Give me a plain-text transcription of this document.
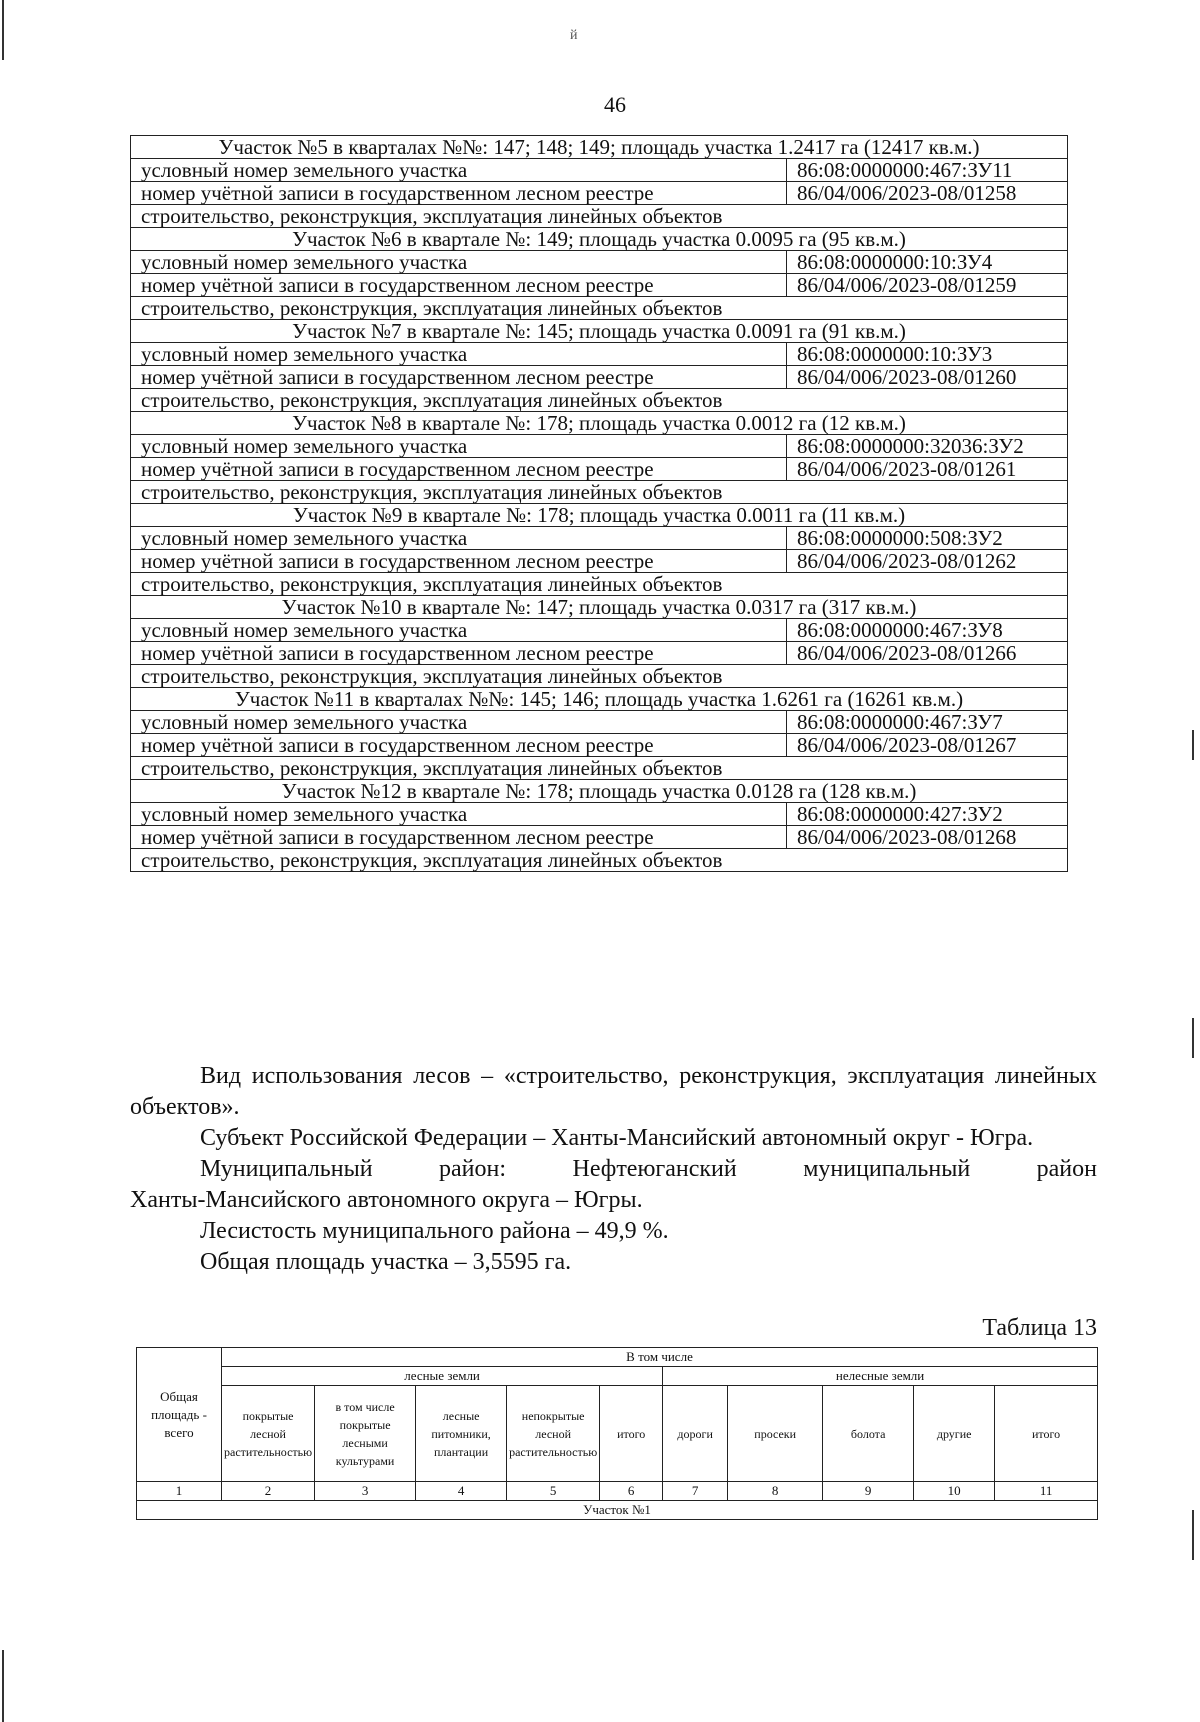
46
й
Участок №5 в кварталах №№: 147; 148; 149; площадь участка 1.2417 га (12417 кв.м.)	
условный номер земельного участка	86:08:0000000:467:ЗУ11
номер учётной записи в государственном лесном реестре	86/04/006/2023-08/01258
строительство, реконструкция, эксплуатация линейных объектов	
Участок №6 в квартале №: 149; площадь участка 0.0095 га (95 кв.м.)	
условный номер земельного участка	86:08:0000000:10:ЗУ4
номер учётной записи в государственном лесном реестре	86/04/006/2023-08/01259
строительство, реконструкция, эксплуатация линейных объектов	
Участок №7 в квартале №: 145; площадь участка 0.0091 га (91 кв.м.)	
условный номер земельного участка	86:08:0000000:10:ЗУ3
номер учётной записи в государственном лесном реестре	86/04/006/2023-08/01260
строительство, реконструкция, эксплуатация линейных объектов	
Участок №8 в квартале №: 178; площадь участка 0.0012 га (12 кв.м.)	
условный номер земельного участка	86:08:0000000:32036:ЗУ2
номер учётной записи в государственном лесном реестре	86/04/006/2023-08/01261
строительство, реконструкция, эксплуатация линейных объектов	
Участок №9 в квартале №: 178; площадь участка 0.0011 га (11 кв.м.)	
условный номер земельного участка	86:08:0000000:508:ЗУ2
номер учётной записи в государственном лесном реестре	86/04/006/2023-08/01262
строительство, реконструкция, эксплуатация линейных объектов	
Участок №10 в квартале №: 147; площадь участка 0.0317 га (317 кв.м.)	
условный номер земельного участка	86:08:0000000:467:ЗУ8
номер учётной записи в государственном лесном реестре	86/04/006/2023-08/01266
строительство, реконструкция, эксплуатация линейных объектов	
Участок №11 в кварталах №№: 145; 146; площадь участка 1.6261 га (16261 кв.м.)	
условный номер земельного участка	86:08:0000000:467:ЗУ7
номер учётной записи в государственном лесном реестре	86/04/006/2023-08/01267
строительство, реконструкция, эксплуатация линейных объектов	
Участок №12 в квартале №: 178; площадь участка 0.0128 га (128 кв.м.)	
условный номер земельного участка	86:08:0000000:427:ЗУ2
номер учётной записи в государственном лесном реестре	86/04/006/2023-08/01268
строительство, реконструкция, эксплуатация линейных объектов	

Вид использования лесов – «строительство, реконструкция, эксплуатация линейных объектов».

Субъект Российской Федерации – Ханты-Мансийский автономный округ - Югра.

Муниципальный	район:	Нефтеюганский	муниципальный	район

Ханты-Мансийского автономного округа – Югры.

Лесистость муниципального района – 49,9 %.

Общая площадь участка – 3,5595 га.

Таблица 13
Общая площадь - всего	В том числе									
	лесные земли					нелесные земли				
	покрытые лесной растительностью	в том числе покрытые лесными культурами	лесные питомники, плантации	непокрытые лесной растительностью	итого	дороги	просеки	болота	другие	итого
1	2	3	4	5	6	7	8	9	10	11
Участок №1										
